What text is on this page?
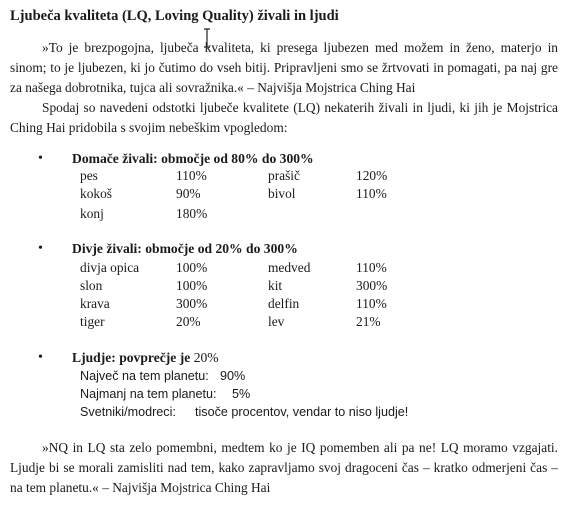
Ljubeča kvaliteta (LQ, Loving Quality) živali in ljudi

»To je brezpogojna, ljubeča kvaliteta, ki presega ljubezen med možem in ženo, materjo in sinom; to je ljubezen, ki jo čutimo do vseh bitij. Pripravljeni smo se žrtvovati in pomagati, pa naj gre za našega dobrotnika, tujca ali sovražnika.« – Najvišja Mojstrica Ching Hai

Spodaj so navedeni odstotki ljubeče kvalitete (LQ) nekaterih živali in ljudi, ki jih je Mojstrica Ching Hai pridobila s svojim nebeškim vpogledom:

• Domače živali: območje od 80% do 300%
pes	110%	prašič	120%
kokoš	90%	bivol	110%
konj	180%
• Divje živali: območje od 20% do 300%
divja opica	100%	medved	110%
slon	100%	kit	300%
krava	300%	delfin	110%
tiger	20%	lev	21%
• Ljudje: povprečje je 20%
Največ na tem planetu: 90%
Najmanj na tem planetu: 5%
Svetniki/modreci: tisoče procentov, vendar to niso ljudje!

»NQ in LQ sta zelo pomembni, medtem ko je IQ pomemben ali pa ne! LQ moramo vzgajati. Ljudje bi se morali zamisliti nad tem, kako zapravljamo svoj dragoceni čas – kratko odmerjeni čas – na tem planetu.« – Najvišja Mojstrica Ching Hai
